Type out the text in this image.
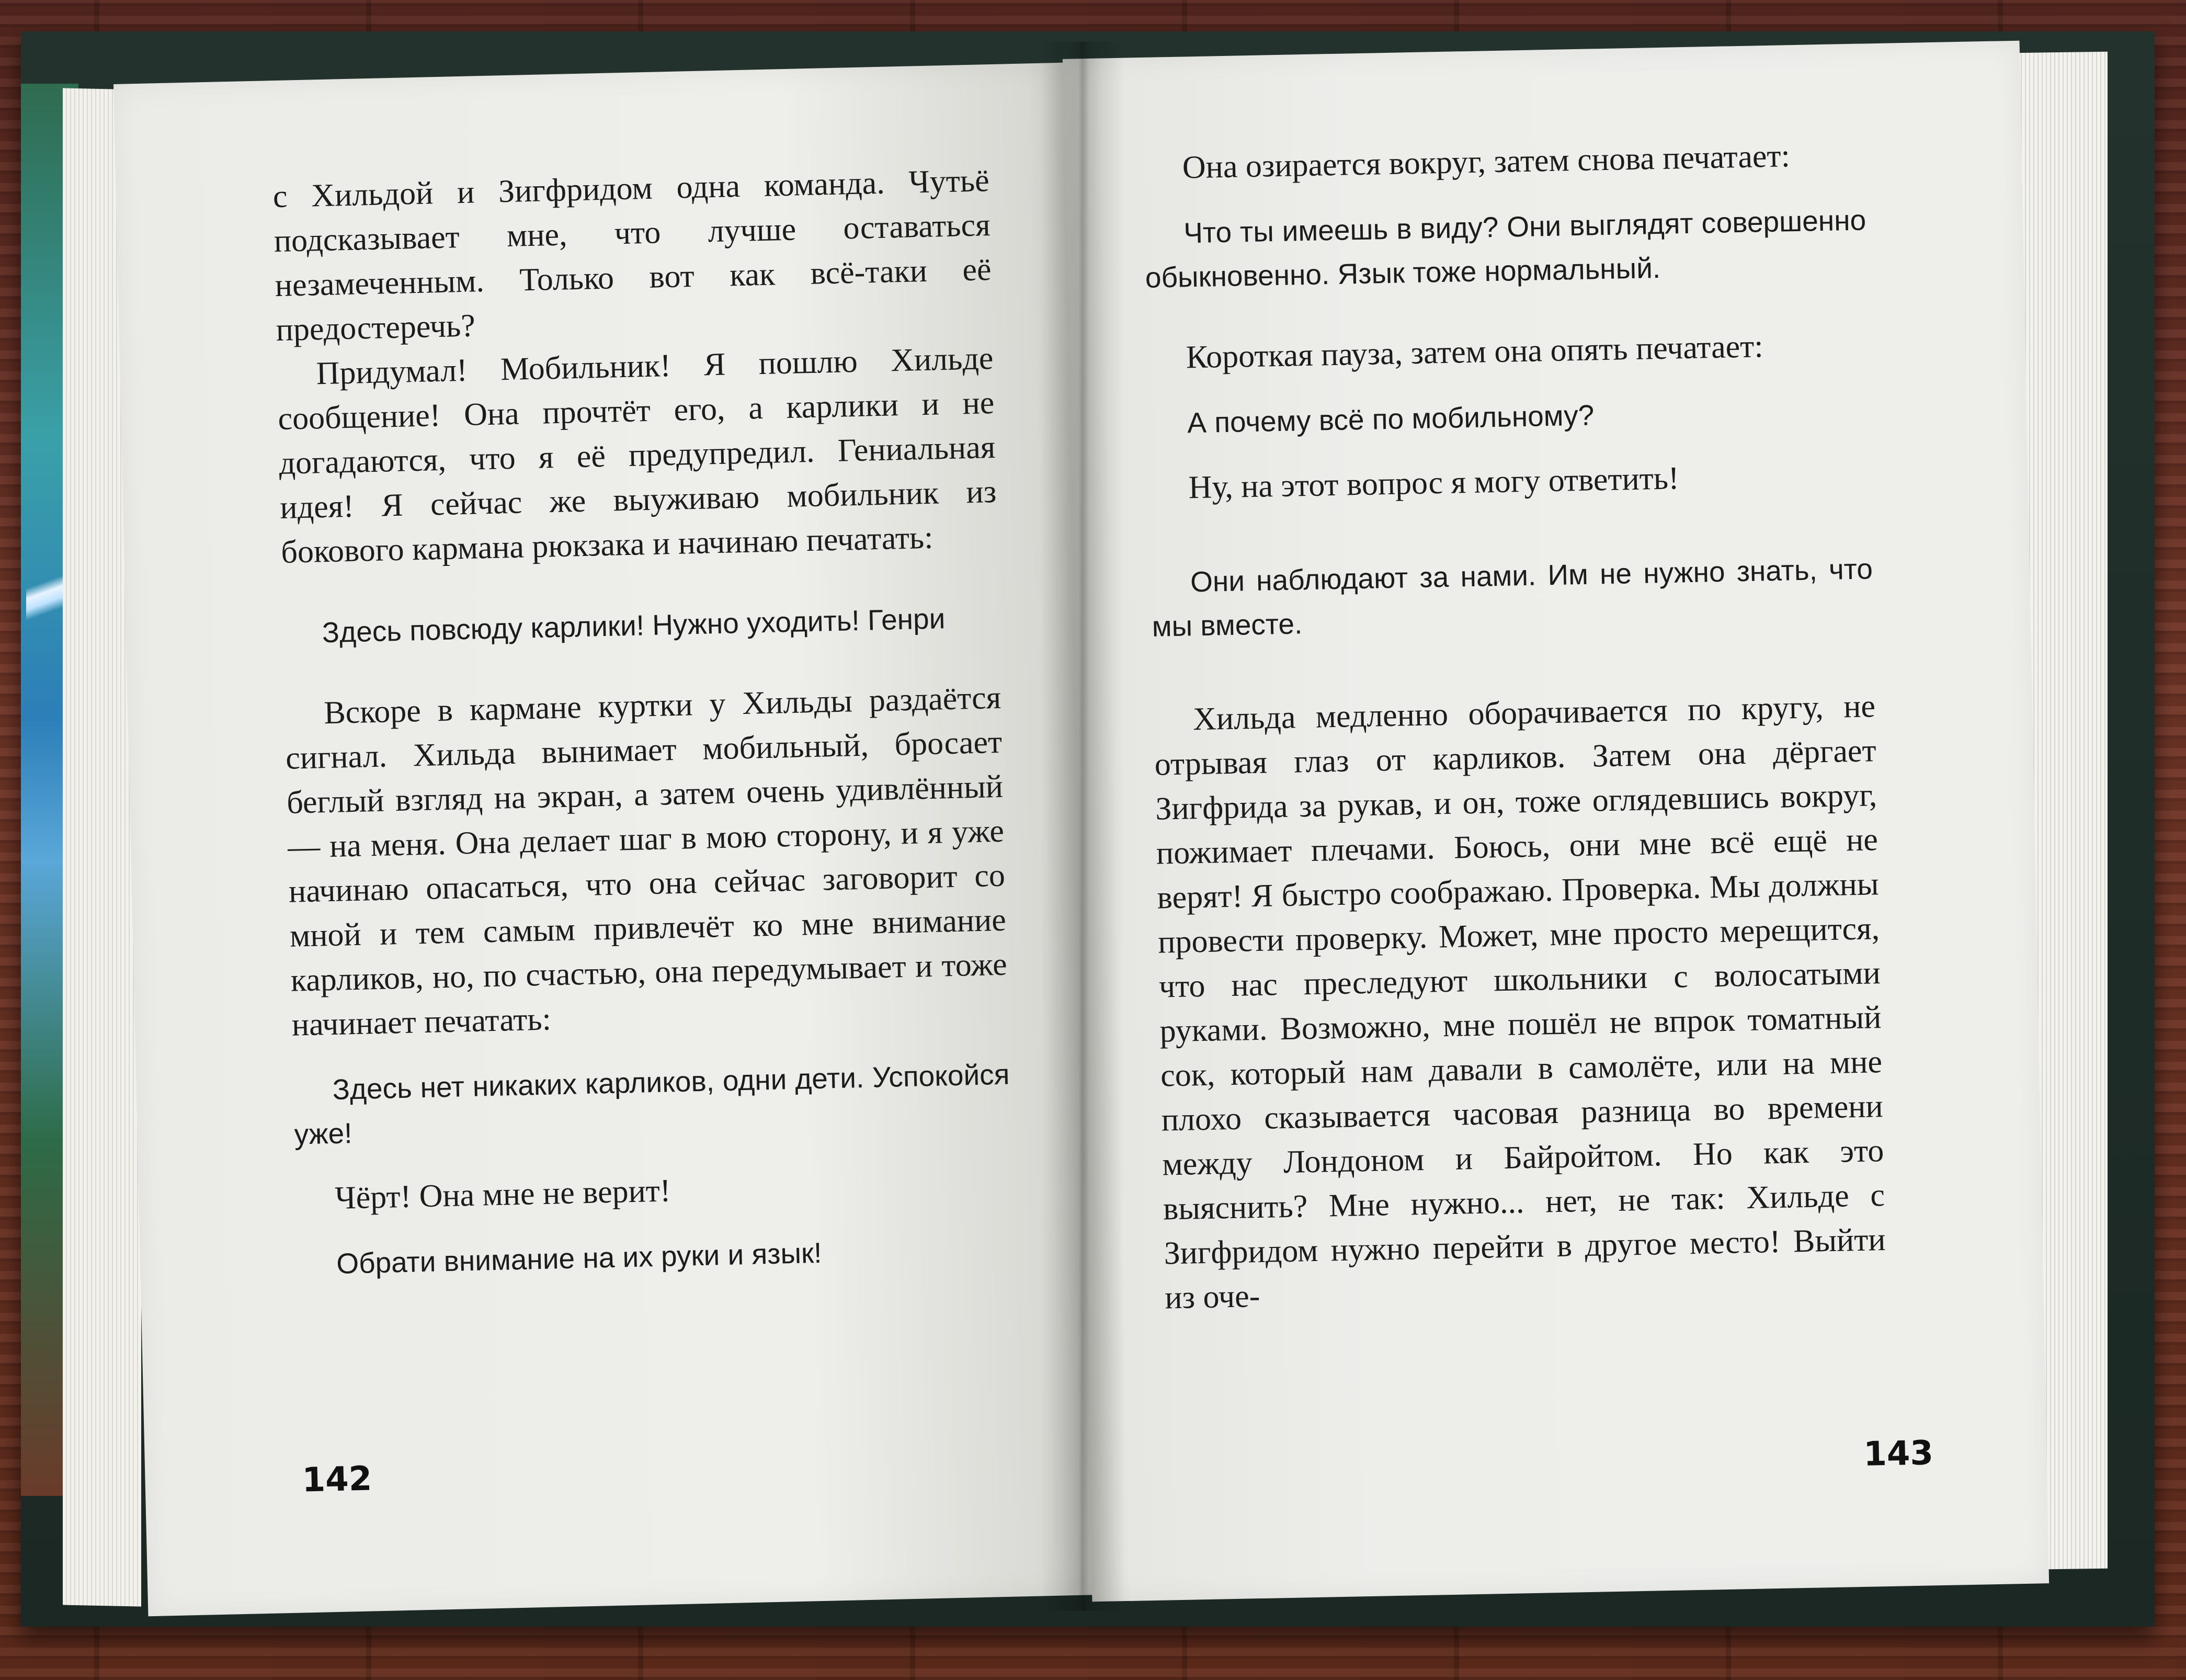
с Хильдой и Зигфридом одна команда. Чутьё подсказывает мне, что лучше оставаться незамеченным. Только вот как всё-таки её предостеречь?

Придумал! Мобильник! Я пошлю Хильде сообщение! Она прочтёт его, а карлики и не догадаются, что я её предупредил. Гениальная идея! Я сейчас же выуживаю мобильник из бокового кармана рюкзака и начинаю печатать:

Здесь повсюду карлики! Нужно уходить! Генри

Вскоре в кармане куртки у Хильды раздаётся сигнал. Хильда вынимает мобильный, бросает беглый взгляд на экран, а затем очень удивлённый — на меня. Она делает шаг в мою сторону, и я уже начинаю опасаться, что она сейчас заговорит со мной и тем самым привлечёт ко мне внимание карликов, но, по счастью, она передумывает и тоже начинает печатать:

Здесь нет никаких карликов, одни дети. Успокойся уже!

Чёрт! Она мне не верит!

Обрати внимание на их руки и язык!

142

Она озирается вокруг, затем снова печатает:

Что ты имеешь в виду? Они выглядят совершенно обыкновенно. Язык тоже нормальный.

Короткая пауза, затем она опять печатает:

А почему всё по мобильному?

Ну, на этот вопрос я могу ответить!

Они наблюдают за нами. Им не нужно знать, что мы вместе.

Хильда медленно оборачивается по кругу, не отрывая глаз от карликов. Затем она дёргает Зигфрида за рукав, и он, тоже оглядевшись вокруг, пожимает плечами. Боюсь, они мне всё ещё не верят! Я быстро соображаю. Проверка. Мы должны провести проверку. Может, мне просто мерещится, что нас преследуют школьники с волосатыми руками. Возможно, мне пошёл не впрок томатный сок, который нам давали в самолёте, или на мне плохо сказывается часовая разница во времени между Лондоном и Байройтом. Но как это выяснить? Мне нужно... нет, не так: Хильде с Зигфридом нужно перейти в другое место! Выйти из оче-

143
